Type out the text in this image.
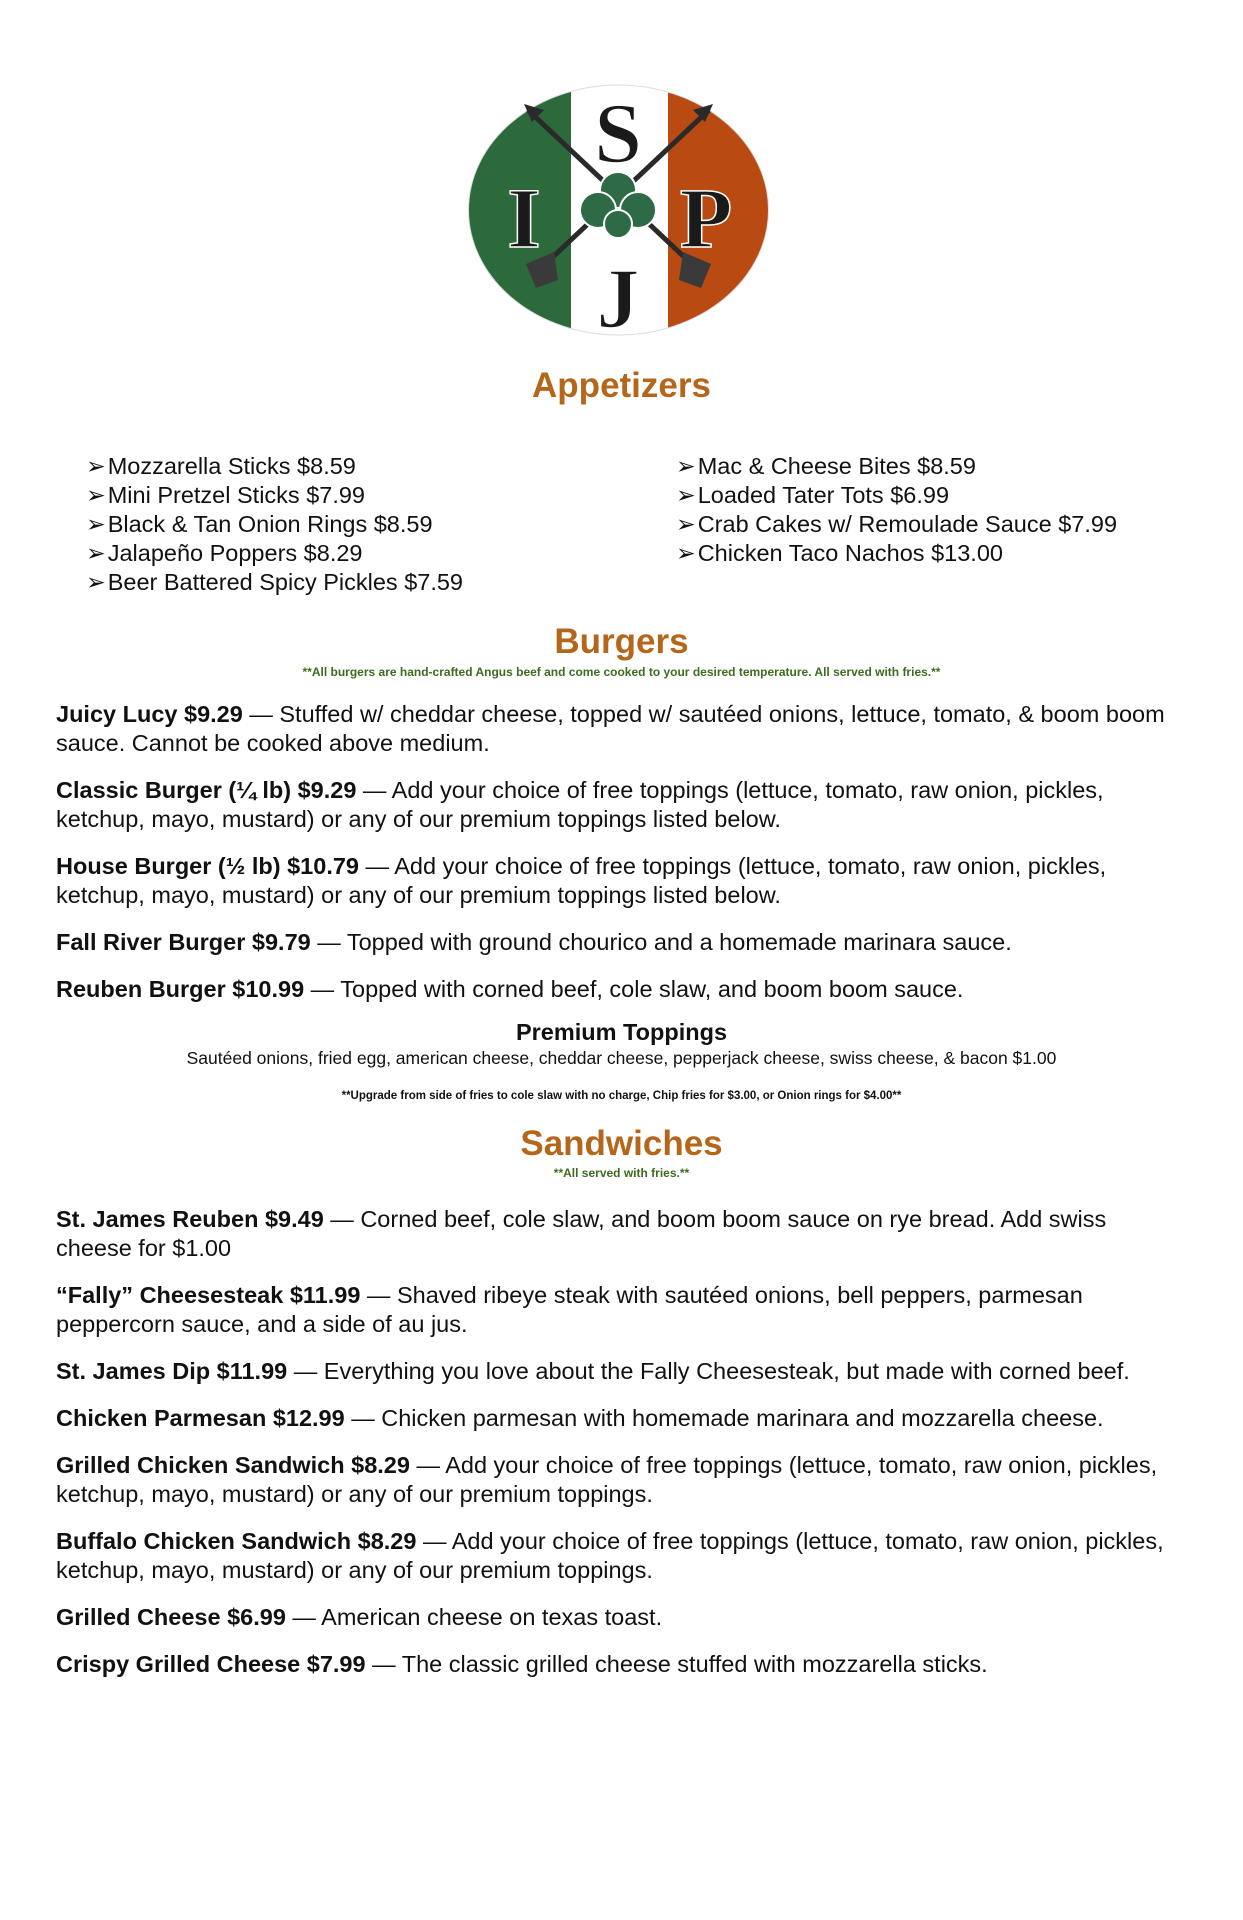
S
I P
J
Appetizers
➢Mozzarella Sticks $8.59
➢Mini Pretzel Sticks $7.99
➢Black & Tan Onion Rings $8.59
➢Jalapeño Poppers $8.29
➢Beer Battered Spicy Pickles $7.59
➢Mac & Cheese Bites $8.59
➢Loaded Tater Tots $6.99
➢Crab Cakes w/ Remoulade Sauce $7.99
➢Chicken Taco Nachos $13.00
Burgers
**All burgers are hand-crafted Angus beef and come cooked to your desired temperature. All served with fries.**

Juicy Lucy $9.29 — Stuffed w/ cheddar cheese, topped w/ sautéed onions, lettuce, tomato, & boom boom sauce. Cannot be cooked above medium.

Classic Burger (¼ lb) $9.29 — Add your choice of free toppings (lettuce, tomato, raw onion, pickles, ketchup, mayo, mustard) or any of our premium toppings listed below.

House Burger (½ lb) $10.79 — Add your choice of free toppings (lettuce, tomato, raw onion, pickles, ketchup, mayo, mustard) or any of our premium toppings listed below.

Fall River Burger $9.79 — Topped with ground chourico and a homemade marinara sauce.

Reuben Burger $10.99 — Topped with corned beef, cole slaw, and boom boom sauce.

Premium Toppings
Sautéed onions, fried egg, american cheese, cheddar cheese, pepperjack cheese, swiss cheese, & bacon $1.00
**Upgrade from side of fries to cole slaw with no charge, Chip fries for $3.00, or Onion rings for $4.00**
Sandwiches
**All served with fries.**

St. James Reuben $9.49 — Corned beef, cole slaw, and boom boom sauce on rye bread. Add swiss cheese for $1.00

“Fally” Cheesesteak $11.99 — Shaved ribeye steak with sautéed onions, bell peppers, parmesan peppercorn sauce, and a side of au jus.

St. James Dip $11.99 — Everything you love about the Fally Cheesesteak, but made with corned beef.

Chicken Parmesan $12.99 — Chicken parmesan with homemade marinara and mozzarella cheese.

Grilled Chicken Sandwich $8.29 — Add your choice of free toppings (lettuce, tomato, raw onion, pickles, ketchup, mayo, mustard) or any of our premium toppings.

Buffalo Chicken Sandwich $8.29 — Add your choice of free toppings (lettuce, tomato, raw onion, pickles, ketchup, mayo, mustard) or any of our premium toppings.

Grilled Cheese $6.99 — American cheese on texas toast.

Crispy Grilled Cheese $7.99 — The classic grilled cheese stuffed with mozzarella sticks.
